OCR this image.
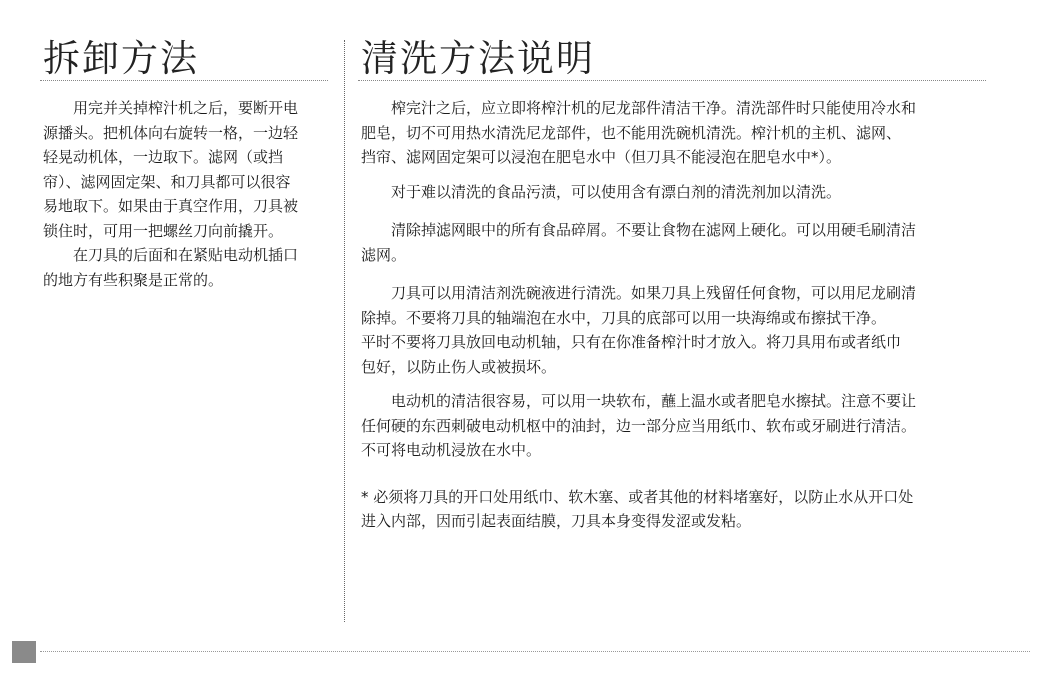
拆卸方法	清洗方法说明

用完并关掉榨汁机之后，要断开电
源播头。把机体向右旋转一格，一边轻
轻晃动机体，一边取下。滤网（或挡
帘）、滤网固定架、和刀具都可以很容
易地取下。如果由于真空作用，刀具被
锁住时，可用一把螺丝刀向前撬开。

在刀具的后面和在紧贴电动机插口
的地方有些积聚是正常的。

榨完汁之后，应立即将榨汁机的尼龙部件清洁干净。清洗部件时只能使用冷水和
肥皂，切不可用热水清洗尼龙部件，也不能用洗碗机清洗。榨汁机的主机、滤网、
挡帘、滤网固定架可以浸泡在肥皂水中（但刀具不能浸泡在肥皂水中*）。

对于难以清洗的食品污渍，可以使用含有漂白剂的清洗剂加以清洗。

清除掉滤网眼中的所有食品碎屑。不要让食物在滤网上硬化。可以用硬毛刷清洁
滤网。

刀具可以用清洁剂洗碗液进行清洗。如果刀具上残留任何食物，可以用尼龙刷清
除掉。不要将刀具的轴端泡在水中，刀具的底部可以用一块海绵或布擦拭干净。

平时不要将刀具放回电动机轴，只有在你准备榨汁时才放入。将刀具用布或者纸巾
包好，以防止伤人或被损坏。

电动机的清洁很容易，可以用一块软布，蘸上温水或者肥皂水擦拭。注意不要让
任何硬的东西刺破电动机枢中的油封，边一部分应当用纸巾、软布或牙刷进行清洁。
不可将电动机浸放在水中。

* 必须将刀具的开口处用纸巾、软木塞、或者其他的材料堵塞好，以防止水从开口处
进入内部，因而引起表面结膜，刀具本身变得发涩或发粘。
